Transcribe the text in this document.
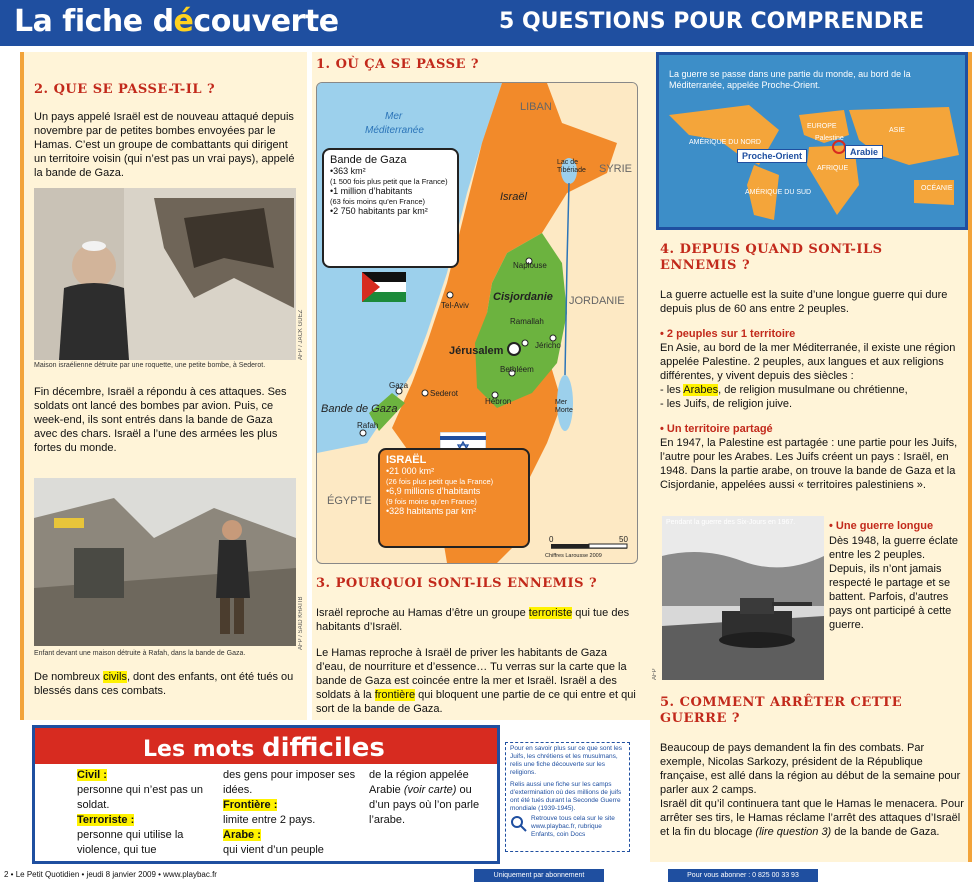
La fiche découverte	5 QUESTIONS POUR COMPRENDRE
2. QUE SE PASSE-T-IL ?
Un pays appelé Israël est de nouveau attaqué depuis novembre par de petites bombes envoyées par le Hamas. C’est un groupe de combattants qui dirigent un territoire voisin (qui n’est pas un vrai pays), appelé la bande de Gaza.
Maison israélienne détruite par une roquette, une petite bombe, à Sederot.
AFP / JACK GUEZ
Fin décembre, Israël a répondu à ces attaques. Ses soldats ont lancé des bombes par avion. Puis, ce week-end, ils sont entrés dans la bande de Gaza avec des chars. Israël a l’une des armées les plus fortes du monde.
Enfant devant une maison détruite à Rafah, dans la bande de Gaza.
AFP / SAID KHATIB
De nombreux civils, dont des enfants, ont été tués ou blessés dans ces combats.
1. OÙ ÇA SE PASSE ?
Mer
Méditerranée
LIBAN
SYRIE
Lac de Tibériade
Israël
Naplouse
Cisjordanie JORDANIE
Tel-Aviv
Ramallah
Jéricho
Jérusalem
Bethléem
Gaza
Sederot
Hébron	Mer Morte
Bande de Gaza
Rafah
ÉGYPTE
0	50
Chiffres Larousse 2009
Bande de Gaza
•363 km²
(1 500 fois plus petit que la France)
•1 million d’habitants
(63 fois moins qu’en France)
•2 750 habitants par km²
ISRAËL
•21 000 km²
(26 fois plus petit que la France)
•6,9 millions d’habitants
(9 fois moins qu’en France)
•328 habitants par km²
3. POURQUOI SONT-ILS ENNEMIS ?
Israël reproche au Hamas d’être un groupe terroriste qui tue des habitants d’Israël.
Le Hamas reproche à Israël de priver les habitants de Gaza d’eau, de nourriture et d’essence… Tu verras sur la carte que la bande de Gaza est coincée entre la mer et Israël. Israël a des soldats à la frontière qui bloquent une partie de ce qui entre et qui sort de la bande de Gaza.
La guerre se passe dans une partie du monde, au bord de la Méditerranée, appelée Proche-Orient.
AMÉRIQUE DU NORD
EUROPE
ASIE
AFRIQUE
AMÉRIQUE DU SUD
OCÉANIE
Palestine
Proche-Orient	Arabie
4. DEPUIS QUAND SONT-ILS ENNEMIS ?
La guerre actuelle est la suite d’une longue guerre qui dure depuis plus de 60 ans entre 2 peuples.
• 2 peuples sur 1 territoire
En Asie, au bord de la mer Méditerranée, il existe une région appelée Palestine. 2 peuples, aux langues et aux religions différentes, y vivent depuis des siècles :
- les Arabes, de religion musulmane ou chrétienne,
- les Juifs, de religion juive.
• Un territoire partagé
En 1947, la Palestine est partagée : une partie pour les Juifs, l’autre pour les Arabes. Les Juifs créent un pays : Israël, en 1948. Dans la partie arabe, on trouve la bande de Gaza et la Cisjordanie, appelées aussi « territoires palestiniens ».
Pendant la guerre des Six-Jours en 1967.
AFP
• Une guerre longue
Dès 1948, la guerre éclate entre les 2 peuples. Depuis, ils n’ont jamais respecté le partage et se battent. Parfois, d’autres pays ont participé à cette guerre.
5. COMMENT ARRÊTER CETTE GUERRE ?
Beaucoup de pays demandent la fin des combats. Par exemple, Nicolas Sarkozy, président de la République française, est allé dans la région au début de la semaine pour parler aux 2 camps.
Israël dit qu’il continuera tant que le Hamas le menacera. Pour arrêter ses tirs, le Hamas réclame l’arrêt des attaques d’Israël et la fin du blocage (lire question 3) de la bande de Gaza.
Les mots difficiles
Civil :
personne qui n’est pas un soldat.
Terroriste :
personne qui utilise la violence, qui tue
des gens pour imposer ses idées.
Frontière :
limite entre 2 pays.
Arabe :
qui vient d’un peuple
de la région appelée Arabie (voir carte) ou d’un pays où l’on parle l’arabe.

Pour en savoir plus sur ce que sont les Juifs, les chrétiens et les musulmans, relis une fiche découverte sur les religions.

Relis aussi une fiche sur les camps d’extermination où des millions de juifs ont été tués durant la Seconde Guerre mondiale (1939-1945).

Retrouve tous cela sur le site www.playbac.fr, rubrique Enfants, coin Docs

2 • Le Petit Quotidien • jeudi 8 janvier 2009 • www.playbac.fr	Uniquement par abonnement	Pour vous abonner : 0 825 00 33 93
